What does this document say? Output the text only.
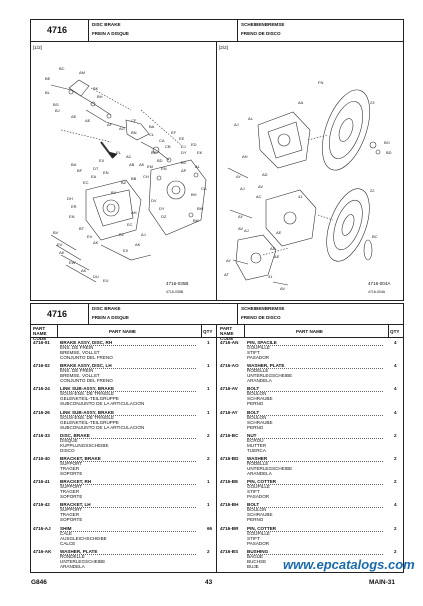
4716
DISC BRAKE
FREIN A DISQUE
SCHEIBENBREMSE
FRENO DE DISCO
[1/2]	[2/2]
BC
BE
AM
BK
BH
BL
BG
BJ
AE
AE
AF
AG
CF
BN
BA
CL
CA
CB
EF
EE
EJ ED
EK
DY
EL
AC
AB AK
EX
DT
EN
BG
BD
EN
BC
AL
BZ
BB CH
EM
AP
BH
BW
BH
CA
DV
DY
DZ
AJ
AK
DH
ER
EN
EA
EC
AH
EC
BT
EV
AK
BV
EV
AK
EW
AK
DU
EU
BA
BF
BY
EZ
EX
4716-035B
4716-035B
FN
AA	23
AJ
AL
AH
BO
BD
AD
AV
41
22
AJ
AC
AY
AY
AJ	AE
AD
AE
AV
BC
AY
AT	41
AV
4716-004A
4716-004A
4716
DISC BRAKE
FREIN A DISQUE
SCHEIBENBREMSE
FRENO DE DISCO
G846	43	MAIN-31
www.epcatalogs.com
PART NAME CODE
PART NAME	QTY
4716-01 BRAKE ASSY, DISC, RH
ENS. DE FREIN
BREMSE, VOLLST
CONJUNTO DEL FRENO
1
4716-02 BRAKE ASSY, DISC, LH
ENS. DE FREIN
BREMSE, VOLLST
CONJUNTO DEL FRENO
1
4716-24 LINK SUB-ASSY, BRAKE
SOUS-ENS. DE TRINGLE
GELENKTEIL-TEILGRUPPE
SUBCONJUNTO DE LA ARTICULACION
1
4716-26 LINK SUB-ASSY, BRAKE
SOUS-ENS. DE TRINGLE
GELENKTEIL-TEILGRUPPE
SUBCONJUNTO DE LA ARTICULACION
1
4716-33 DISC, BRAKE
DISQUE
KUPPLUNGSSCHEIBE
DISCO
2
4716-40 BRACKET, BRAKE
SUPPORT
TRAGER
SOPORTE
2
4716-41 BRACKET, RH
SUPPORT
TRAGER
SOPORTE
1
4716-42 BRACKET, LH
SUPPORT
TRAGER
SOPORTE
1
4716-AJ SHIM
CALE
AUSGLEICHSCHEIBE
CALCE
66
4716-AK WASHER, PLATE
RONDELLE
UNTERLEGSCHEIBE
ARANDELA
2
PART NAME CODE
PART NAME	QTY
4716-AN PIN, SPACILE
GOUPILLE
STIFT
PASADOR
4
4716-AO WASHER, PLATE
RODELLE
UNTERLEGSCHEIBE
ARANDELA
4
4716-AV BOLT
BOULON
SCHRAUBE
PERNO
4
4716-AY BOLT
BOULON
SCHRAUBE
PERNO
4
4716-BC NUT
ECROU
MUTTER
TUERCA
2
4716-BD WASHER
RODELLE
UNTERLEGSCHEIBE
ARANDELA
2
4716-BE PIN, COTTER
GOUPILLE
STIFT
PASADOR
2
4716-BH BOLT
BOULON
SCHRAUBE
PERNO
4
4716-BR PIN, COTTER
GOUPILLE
STIFT
PASADOR
2
4716-BS BUSHING
BAGUE
BUCHSE
BUJE
2
